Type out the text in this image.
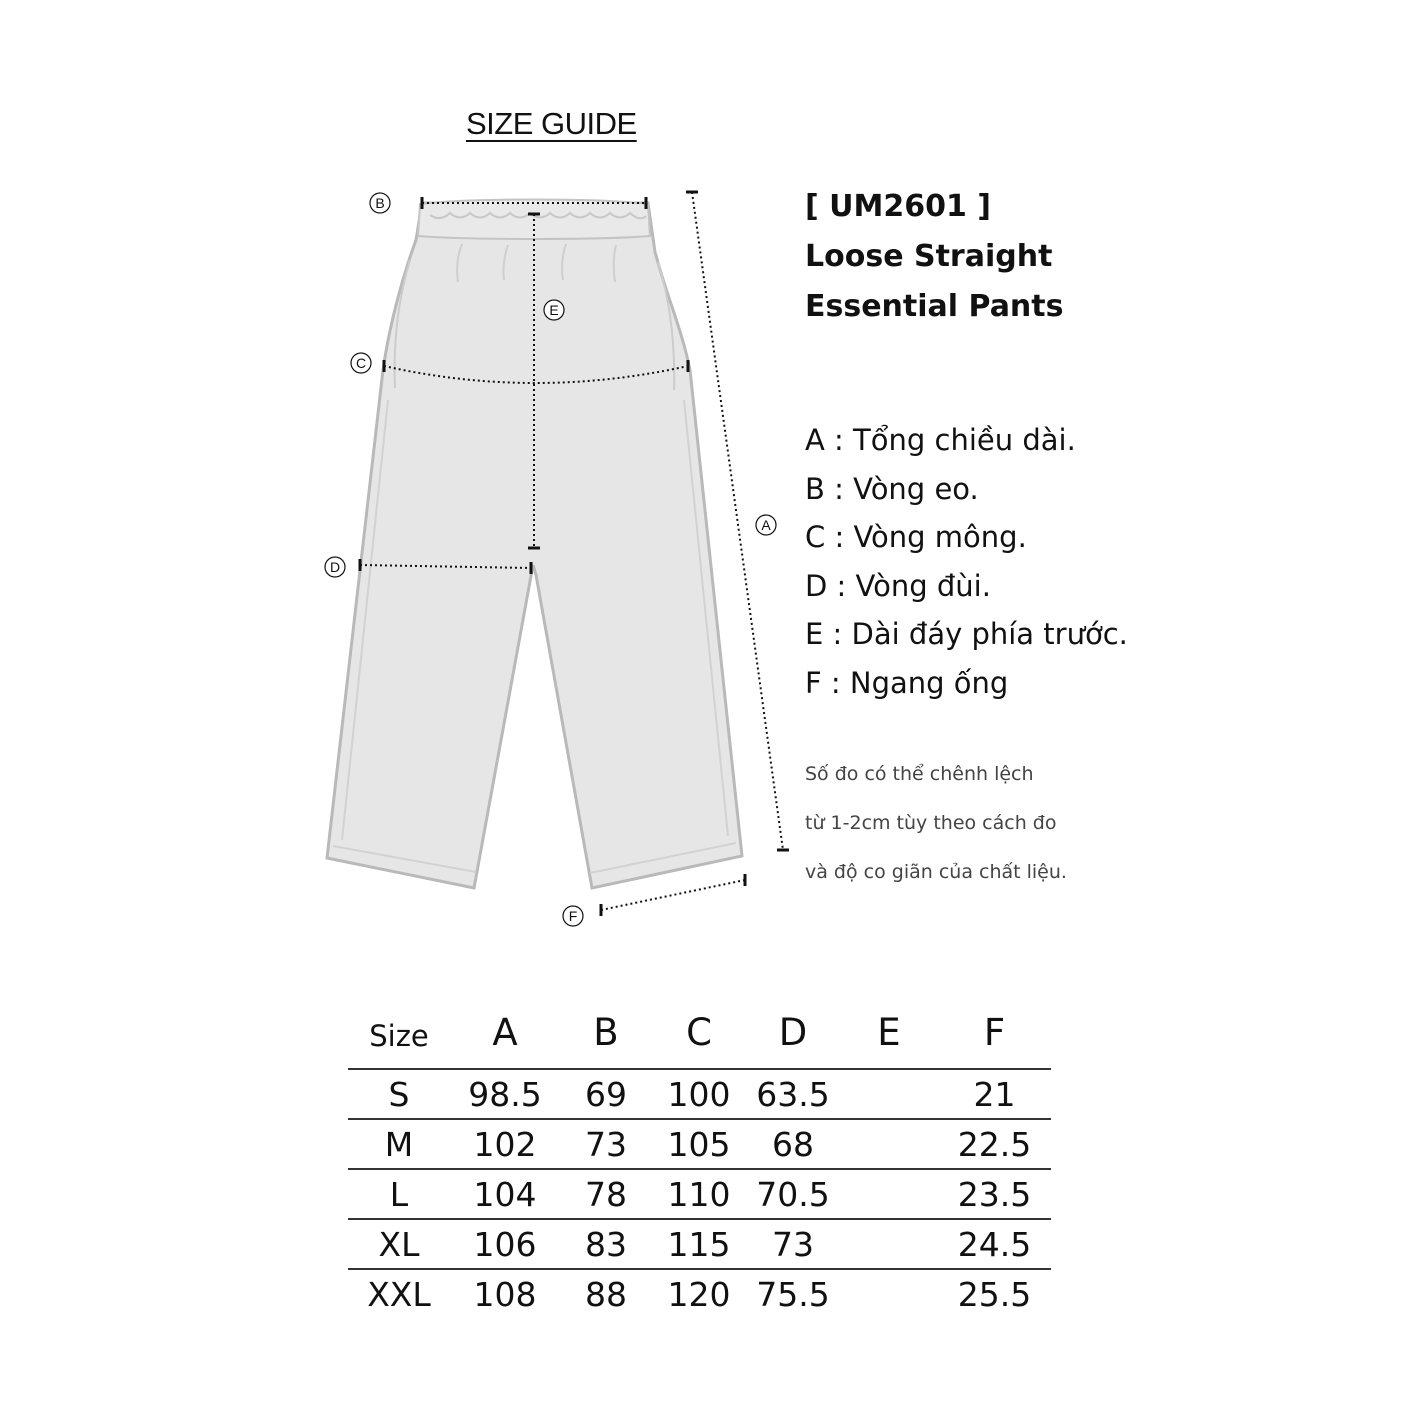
SIZE GUIDE
B
E
C
D
A
F
[ UM2601 ]
Loose Straight
Essential Pants
A : Tổng chiều dài.
B : Vòng eo.
C : Vòng mông.
D : Vòng đùi.
E : Dài đáy phía trước.
F : Ngang ống
Số đo có thể chênh lệch
từ 1-2cm tùy theo cách đo
và độ co giãn của chất liệu.
Size	A	B	C	D	E	F
S	98.5	69	100	63.5		21
M	102	73	105	68		22.5
L	104	78	110	70.5		23.5
XL	106	83	115	73		24.5
XXL	108	88	120	75.5		25.5
